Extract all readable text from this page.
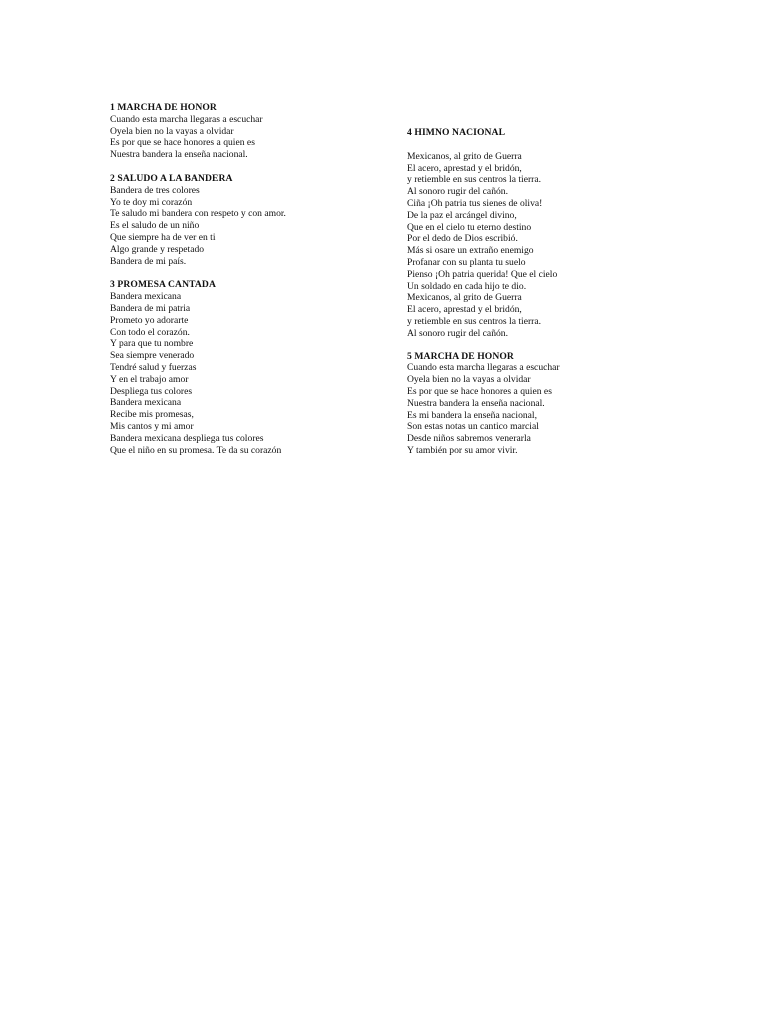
1 MARCHA DE HONOR
Cuando esta marcha llegaras a escuchar
Oyela bien no la vayas a olvidar
Es por que se hace honores a quien es
Nuestra bandera la enseña nacional.
2 SALUDO A LA BANDERA
Bandera de tres colores
Yo te doy mi corazón
Te saludo mi bandera con respeto y con amor.
Es el saludo de un niño
Que siempre ha de ver en ti
Algo grande y respetado
Bandera de mi país.
3 PROMESA CANTADA
Bandera mexicana
Bandera de mi patria
Prometo yo adorarte
Con todo el corazón.
Y para que tu nombre
Sea siempre venerado
Tendré salud y fuerzas
Y en el trabajo amor
Despliega tus colores
Bandera mexicana
Recibe mis promesas,
Mis cantos y mi amor
Bandera mexicana despliega tus colores
Que el niño en su promesa. Te da su corazón
4 HIMNO NACIONAL
Mexicanos, al grito de Guerra
El acero, aprestad y el bridón,
y retiemble en sus centros la tierra.
Al sonoro rugir del cañón.
Ciña ¡Oh patria tus sienes de oliva!
De la paz el arcángel divino,
Que en el cielo tu eterno destino
Por el dedo de Dios escribió.
Más si osare un extraño enemigo
Profanar con su planta tu suelo
Pienso ¡Oh patria querida! Que el cielo
Un soldado en cada hijo te dio.
Mexicanos, al grito de Guerra
El acero, aprestad y el bridón,
y retiemble en sus centros la tierra.
Al sonoro rugir del cañón.
5 MARCHA DE HONOR
Cuando esta marcha llegaras a escuchar
Oyela bien no la vayas a olvidar
Es por que se hace honores a quien es
Nuestra bandera la enseña nacional.
Es mi bandera la enseña nacional,
Son estas notas un cantico marcial
Desde niños sabremos venerarla
Y también por su amor vivir.
